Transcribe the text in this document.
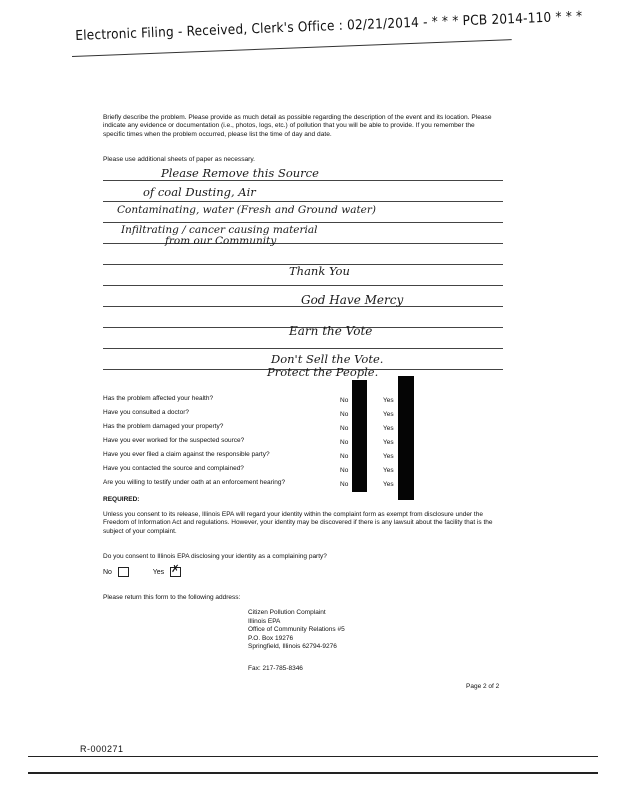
Electronic Filing - Received, Clerk's Office : 02/21/2014 - * * * PCB 2014-110 * * *
Briefly describe the problem. Please provide as much detail as possible regarding the description of the event and its location. Please indicate any evidence or documentation (i.e., photos, logs, etc.) of pollution that you will be able to provide. If you remember the specific times when the problem occurred, please list the time of day and date.
Please use additional sheets of paper as necessary.
Please Remove this Source
of coal Dusting, Air
Contaminating, water (Fresh and Ground water)
Infiltrating / cancer causing material
from our Community
Thank You
God Have Mercy
Earn the Vote
Don't Sell the Vote.
Protect the People.
Has the problem affected your health?
Have you consulted a doctor?
Has the problem damaged your property?
Have you ever worked for the suspected source?
Have you ever filed a claim against the responsible party?
Have you contacted the source and complained?
Are you willing to testify under oath at an enforcement hearing?
No
No
No
No
No
No
No
Yes
Yes
Yes
Yes
Yes
Yes
Yes
REQUIRED:
Unless you consent to its release, Illinois EPA will regard your identity within the complaint form as exempt from disclosure under the Freedom of Information Act and regulations. However, your identity may be discovered if there is any lawsuit about the facility that is the subject of your complaint.
Do you consent to Illinois EPA disclosing your identity as a complaining party?
No	Yes ✗
Please return this form to the following address:
Citizen Pollution Complaint
Illinois EPA
Office of Community Relations #5
P.O. Box 19276
Springfield, Illinois 62794-9276
Fax: 217-785-8346
Page 2 of 2
R-000271
